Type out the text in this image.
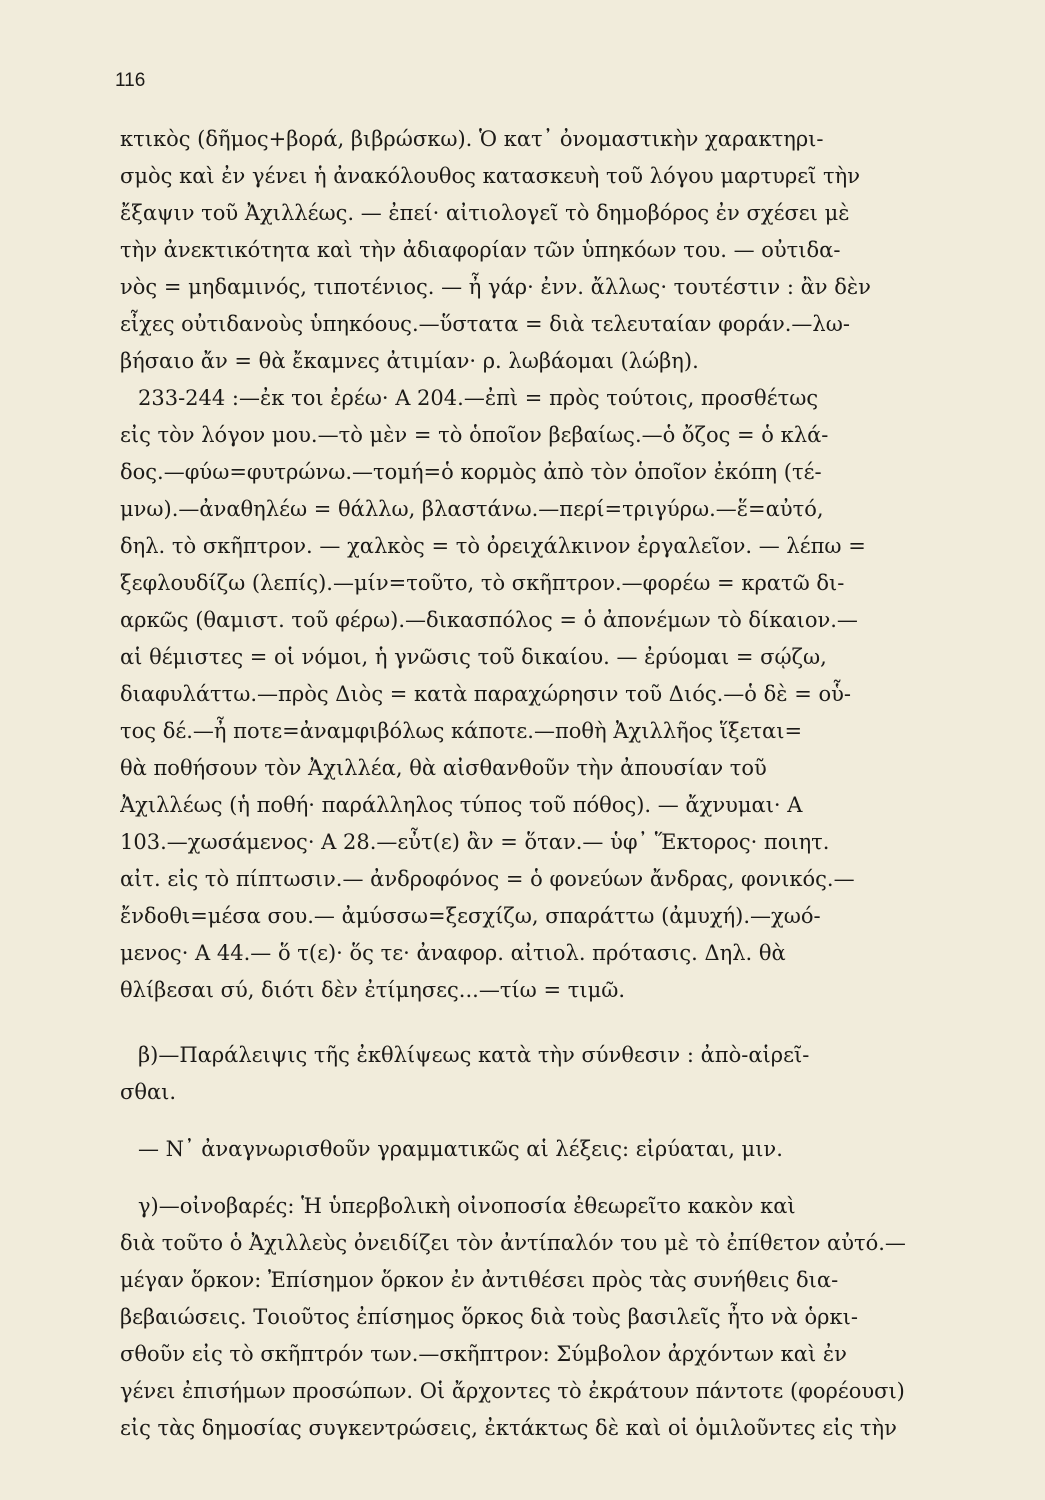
116
κτικὸς (δῆμος+βορά, βιβρώσκω). Ὁ κατ᾽ ὀνομαστικὴν χαρακτηρι-
σμὸς καὶ ἐν γένει ἡ ἀνακόλουθος κατασκευὴ τοῦ λόγου μαρτυρεῖ τὴν
ἔξαψιν τοῦ Ἀχιλλέως. — ἐπεί· αἰτιολογεῖ τὸ δημοβόρος ἐν σχέσει μὲ
τὴν ἀνεκτικότητα καὶ τὴν ἀδιαφορίαν τῶν ὑπηκόων του. — οὐτιδα-
νὸς = μηδαμινός, τιποτένιος. — ἦ γάρ· ἐνν. ἄλλως· τουτέστιν : ἂν δὲν
εἶχες οὐτιδανοὺς ὑπηκόους.—ὕστατα = διὰ τελευταίαν φοράν.—λω-
βήσαιο ἄν = θὰ ἔκαμνες ἀτιμίαν· ρ. λωβάομαι (λώβη).
233-244 :—ἐκ τοι ἐρέω· Α 204.—ἐπὶ = πρὸς τούτοις, προσθέτως
εἰς τὸν λόγον μου.—τὸ μὲν = τὸ ὁποῖον βεβαίως.—ὁ ὄζος = ὁ κλά-
δος.—φύω=φυτρώνω.—τομή=ὁ κορμὸς ἀπὸ τὸν ὁποῖον ἐκόπη (τέ-
μνω).—ἀναθηλέω = θάλλω, βλαστάνω.—περί=τριγύρω.—ἕ=αὐτό,
δηλ. τὸ σκῆπτρον. — χαλκὸς = τὸ ὀρειχάλκινον ἐργαλεῖον. — λέπω =
ξεφλουδίζω (λεπίς).—μίν=τοῦτο, τὸ σκῆπτρον.—φορέω = κρατῶ δι-
αρκῶς (θαμιστ. τοῦ φέρω).—δικασπόλος = ὁ ἀπονέμων τὸ δίκαιον.—
αἱ θέμιστες = οἱ νόμοι, ἡ γνῶσις τοῦ δικαίου. — ἐρύομαι = σῴζω,
διαφυλάττω.—πρὸς Διὸς = κατὰ παραχώρησιν τοῦ Διός.—ὁ δὲ = οὗ-
τος δέ.—ἦ ποτε=ἀναμφιβόλως κάποτε.—ποθὴ Ἀχιλλῆος ἵξεται=
θὰ ποθήσουν τὸν Ἀχιλλέα, θὰ αἰσθανθοῦν τὴν ἀπουσίαν τοῦ
Ἀχιλλέως (ἡ ποθή· παράλληλος τύπος τοῦ πόθος). — ἄχνυμαι· Α
103.—χωσάμενος· Α 28.—εὖτ(ε) ἂν = ὅταν.— ὑφ᾽ Ἕκτορος· ποιητ.
αἰτ. εἰς τὸ πίπτωσιν.— ἀνδροφόνος = ὁ φονεύων ἄνδρας, φονικός.—
ἔνδοθι=μέσα σου.— ἀμύσσω=ξεσχίζω, σπαράττω (ἀμυχή).—χωό-
μενος· Α 44.— ὅ τ(ε)· ὅς τε· ἀναφορ. αἰτιολ. πρότασις. Δηλ. θὰ
θλίβεσαι σύ, διότι δὲν ἐτίμησες...—τίω = τιμῶ.
β)—Παράλειψις τῆς ἐκθλίψεως κατὰ τὴν σύνθεσιν : ἀπὸ-αἱρεῖ-
σθαι.
— Ν᾽ ἀναγνωρισθοῦν γραμματικῶς αἱ λέξεις: εἰρύαται, μιν.
γ)—οἰνοβαρές: Ἡ ὑπερβολικὴ οἰνοποσία ἐθεωρεῖτο κακὸν καὶ
διὰ τοῦτο ὁ Ἀχιλλεὺς ὀνειδίζει τὸν ἀντίπαλόν του μὲ τὸ ἐπίθετον αὐτό.—
μέγαν ὅρκον: Ἐπίσημον ὅρκον ἐν ἀντιθέσει πρὸς τὰς συνήθεις δια-
βεβαιώσεις. Τοιοῦτος ἐπίσημος ὅρκος διὰ τοὺς βασιλεῖς ἦτο νὰ ὁρκι-
σθοῦν εἰς τὸ σκῆπτρόν των.—σκῆπτρον: Σύμβολον ἀρχόντων καὶ ἐν
γένει ἐπισήμων προσώπων. Οἱ ἄρχοντες τὸ ἐκράτουν πάντοτε (φορέουσι)
εἰς τὰς δημοσίας συγκεντρώσεις, ἐκτάκτως δὲ καὶ οἱ ὁμιλοῦντες εἰς τὴν
